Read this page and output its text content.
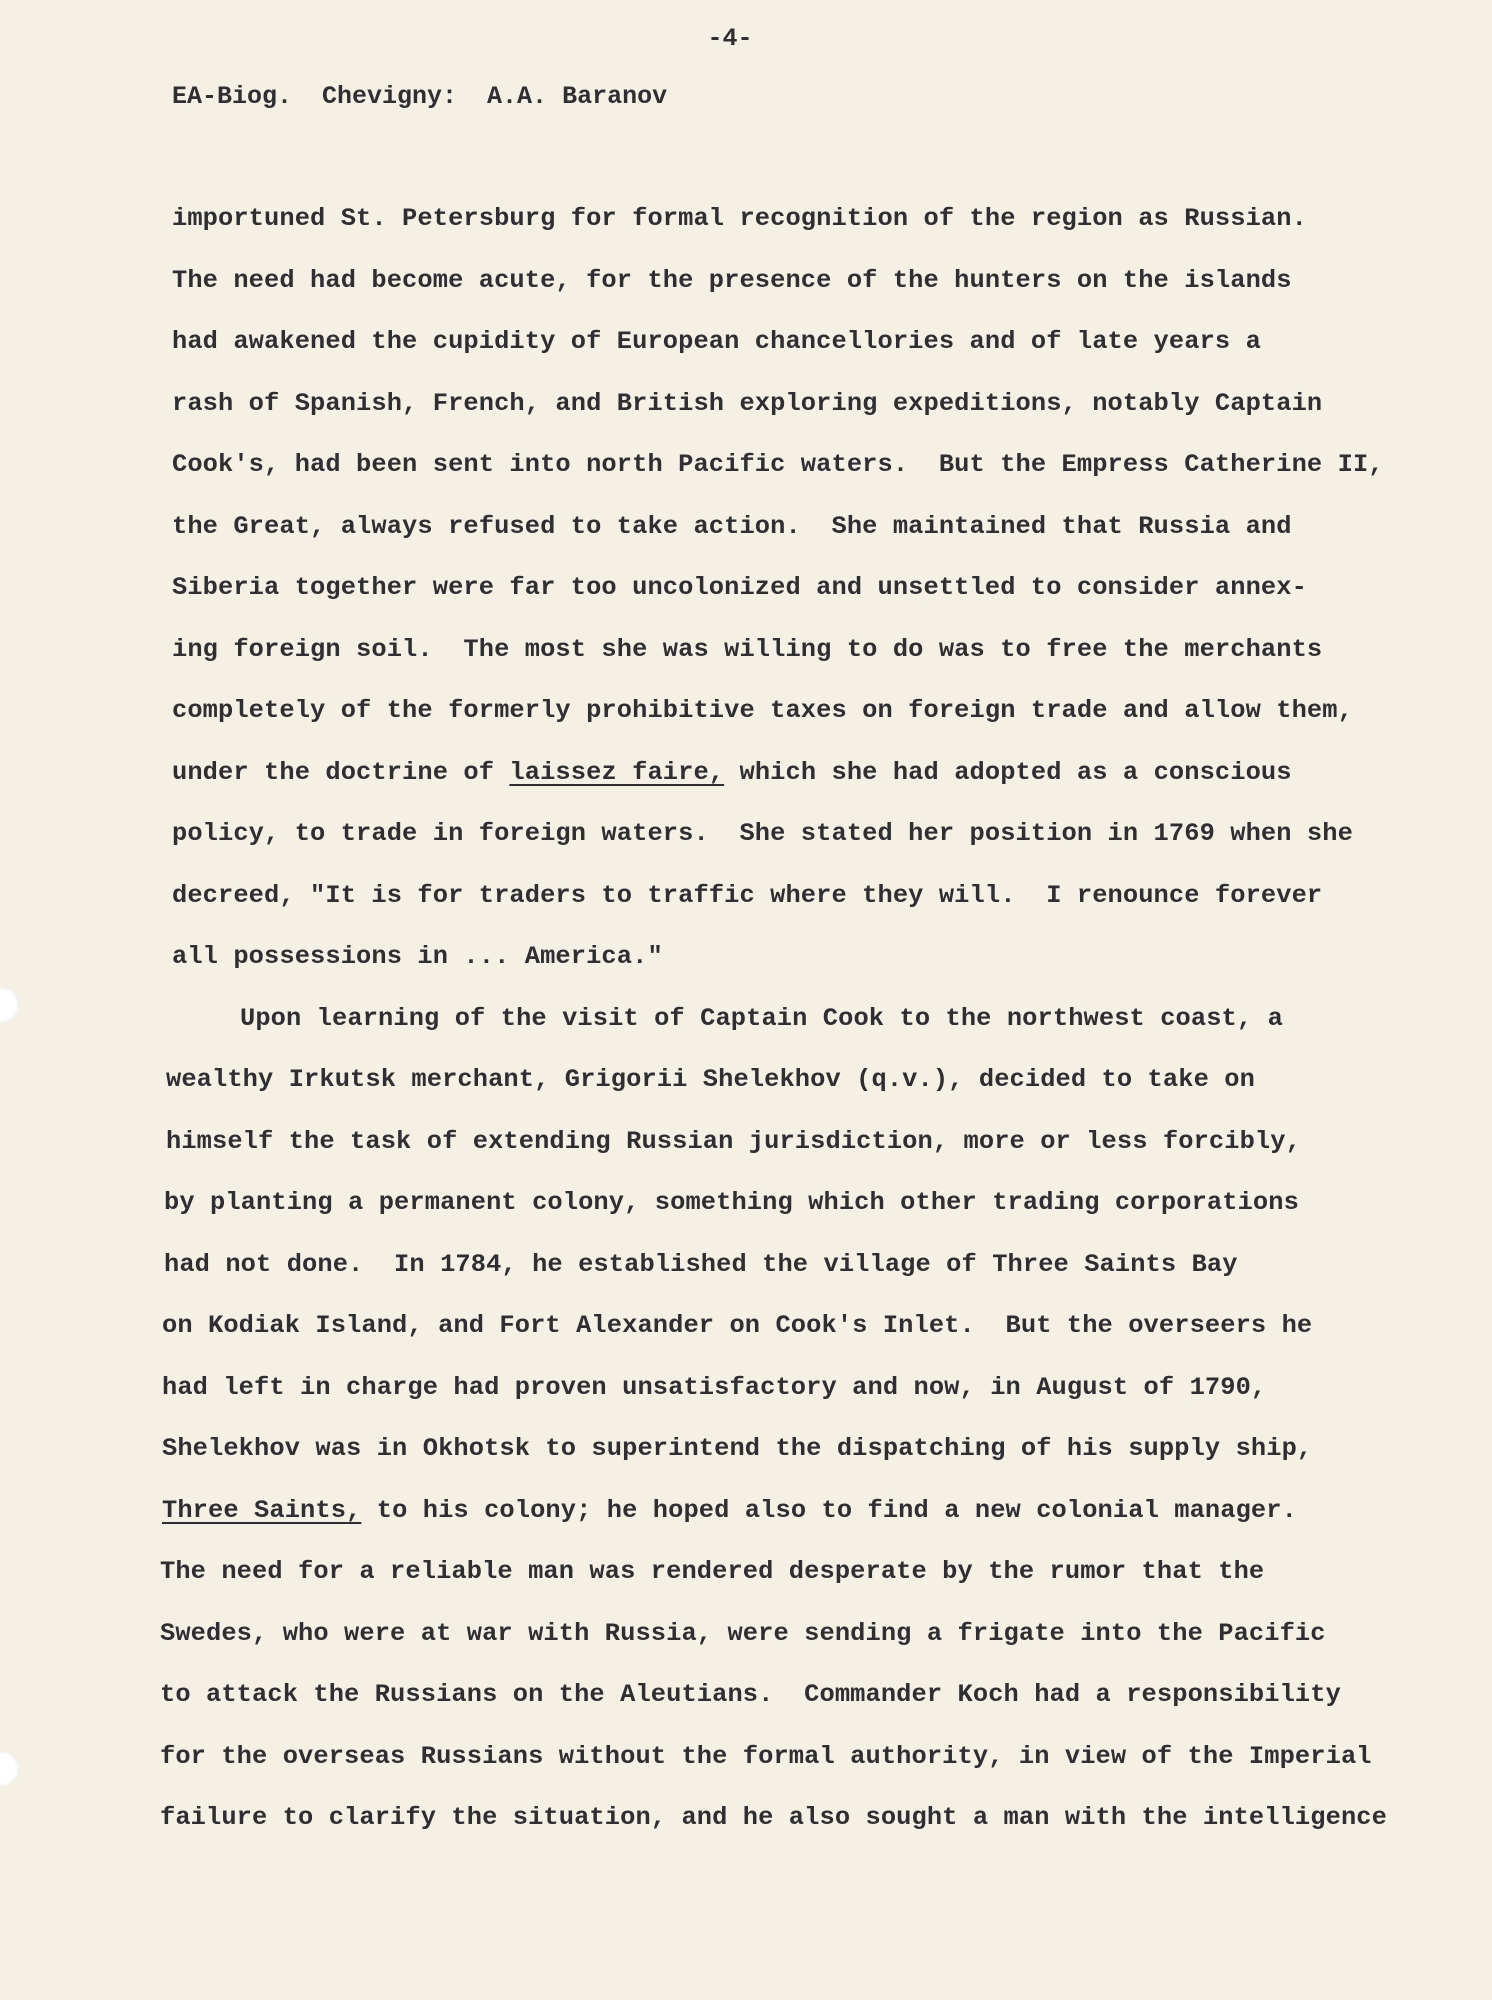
-4-
EA-Biog.  Chevigny:  A.A. Baranov
importuned St. Petersburg for formal recognition of the region as Russian.
The need had become acute, for the presence of the hunters on the islands
had awakened the cupidity of European chancellories and of late years a
rash of Spanish, French, and British exploring expeditions, notably Captain
Cook's, had been sent into north Pacific waters.  But the Empress Catherine II,
the Great, always refused to take action.  She maintained that Russia and
Siberia together were far too uncolonized and unsettled to consider annex-
ing foreign soil.  The most she was willing to do was to free the merchants
completely of the formerly prohibitive taxes on foreign trade and allow them,
under the doctrine of laissez faire, which she had adopted as a conscious
policy, to trade in foreign waters.  She stated her position in 1769 when she
decreed, "It is for traders to traffic where they will.  I renounce forever
all possessions in ... America."
Upon learning of the visit of Captain Cook to the northwest coast, a
wealthy Irkutsk merchant, Grigorii Shelekhov (q.v.), decided to take on
himself the task of extending Russian jurisdiction, more or less forcibly,
by planting a permanent colony, something which other trading corporations
had not done.  In 1784, he established the village of Three Saints Bay
on Kodiak Island, and Fort Alexander on Cook's Inlet.  But the overseers he
had left in charge had proven unsatisfactory and now, in August of 1790,
Shelekhov was in Okhotsk to superintend the dispatching of his supply ship,
Three Saints, to his colony; he hoped also to find a new colonial manager.
The need for a reliable man was rendered desperate by the rumor that the
Swedes, who were at war with Russia, were sending a frigate into the Pacific
to attack the Russians on the Aleutians.  Commander Koch had a responsibility
for the overseas Russians without the formal authority, in view of the Imperial
failure to clarify the situation, and he also sought a man with the intelligence
